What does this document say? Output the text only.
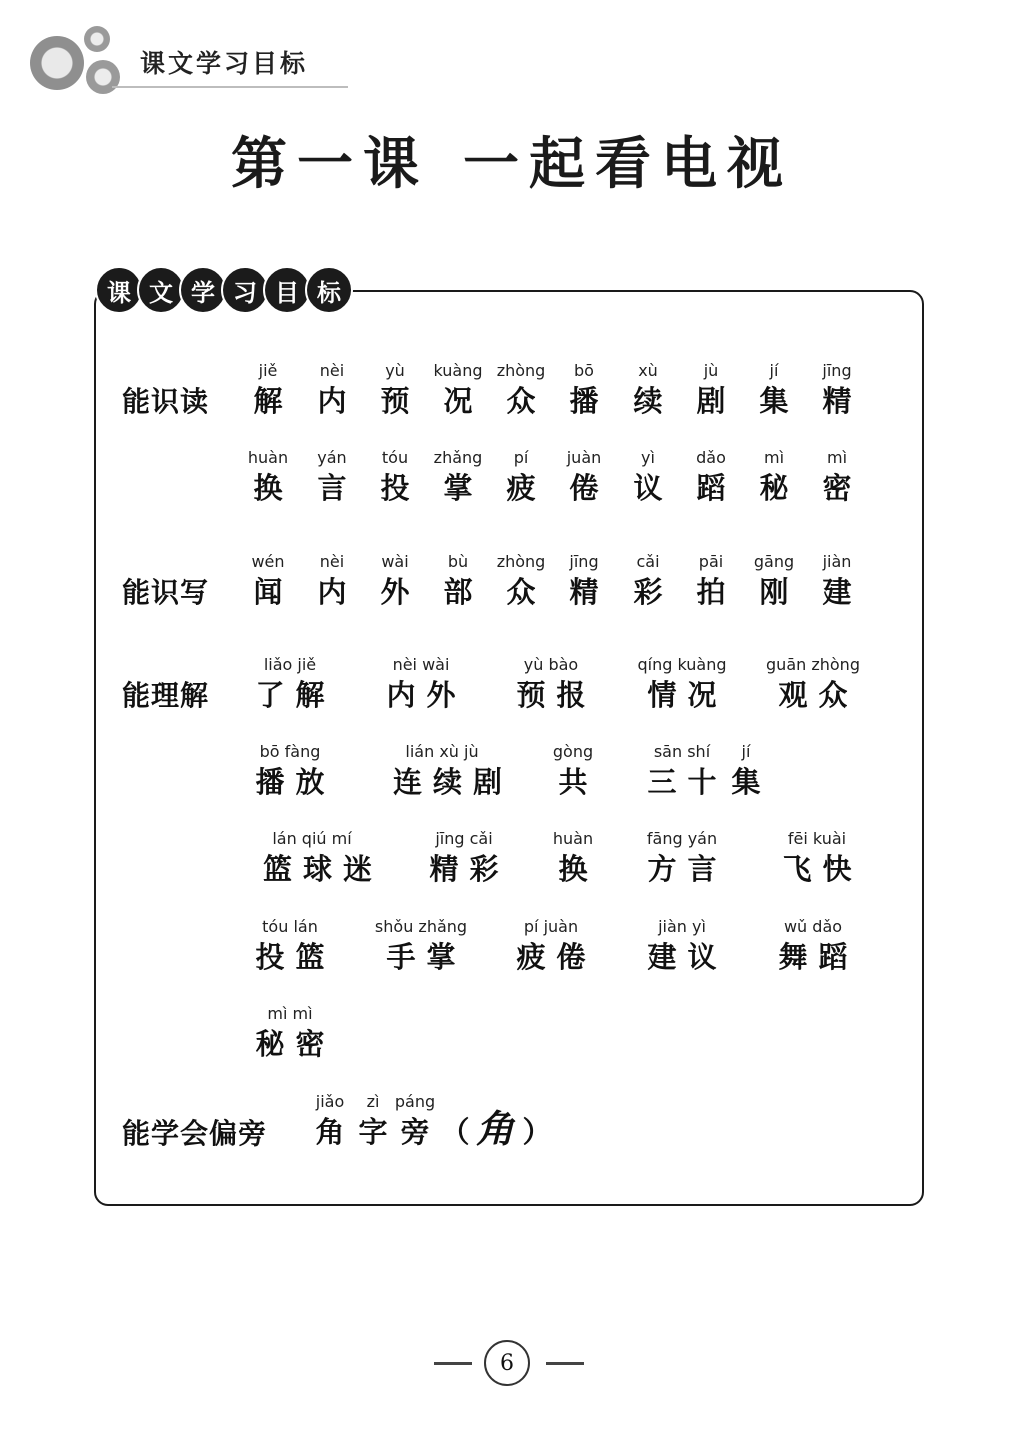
课文学习目标
第一课 一起看电视
课 文 学 习 目 标
能识读
jiě
解
nèi
内
yù
预
kuàng
况
zhòng
众
bō
播
xù
续
jù
剧
jí
集
jīng
精
huàn
换
yán
言
tóu
投
zhǎng
掌
pí
疲
juàn
倦
yì
议
dǎo
蹈
mì
秘
mì
密
能识写
wén
闻
nèi
内
wài
外
bù
部
zhòng
众
jīng
精
cǎi
彩
pāi
拍
gāng
刚
jiàn
建
能理解
liǎo jiě
了解
nèi wài
内外
yù bào
预报
qíng kuàng
情况
guān zhòng
观众
bō fàng
播放
lián xù jù
连续剧
gòng
共
sān shí
三十
jí
集
lán qiú mí
篮球迷
jīng cǎi
精彩
huàn
换
fāng yán
方言
fēi kuài
飞快
tóu lán
投篮
shǒu zhǎng
手掌
pí juàn
疲倦
jiàn yì
建议
wǔ dǎo
舞蹈
mì mì
秘密
能学会偏旁
jiǎo
角
zì
字
páng
旁 （
⻆
）
6
